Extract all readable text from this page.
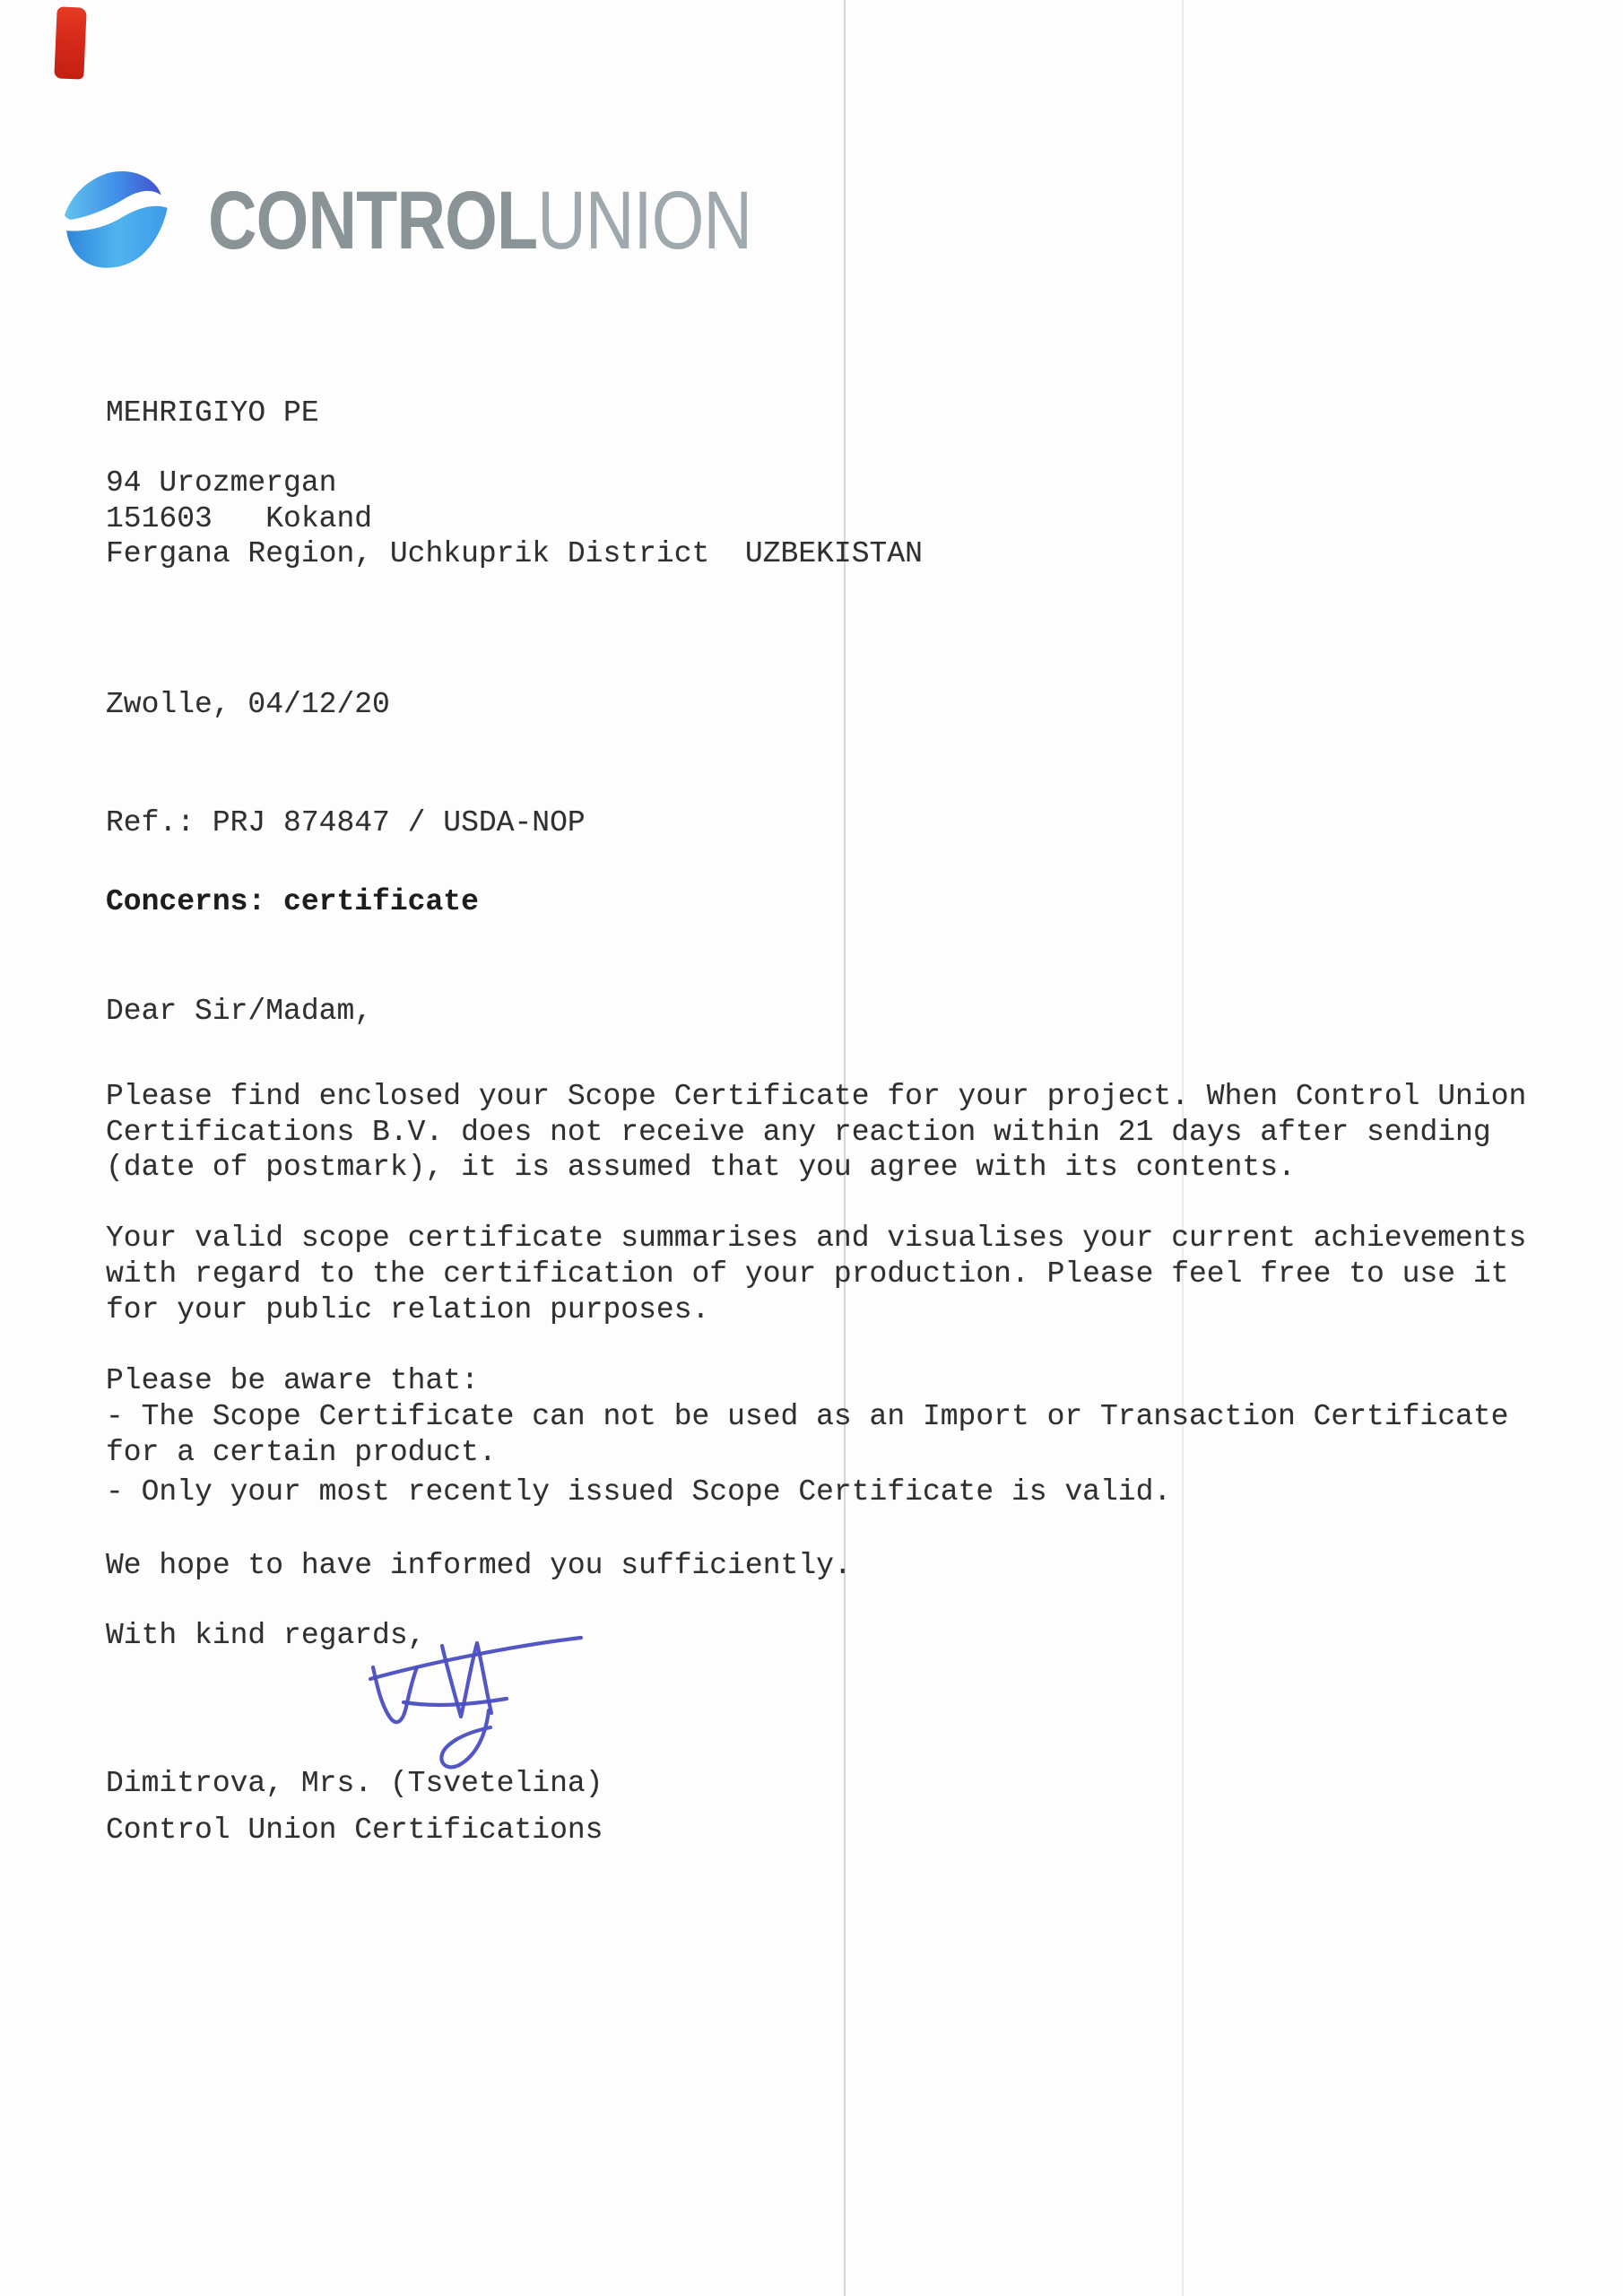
CONTROLUNION
MEHRIGIYO PE
94 Urozmergan
151603   Kokand
Fergana Region, Uchkuprik District  UZBEKISTAN
Zwolle, 04/12/20
Ref.: PRJ 874847 / USDA-NOP
Concerns: certificate
Dear Sir/Madam,
Please find enclosed your Scope Certificate for your project. When Control Union
Certifications B.V. does not receive any reaction within 21 days after sending
(date of postmark), it is assumed that you agree with its contents.
Your valid scope certificate summarises and visualises your current achievements
with regard to the certification of your production. Please feel free to use it
for your public relation purposes.
Please be aware that:
- The Scope Certificate can not be used as an Import or Transaction Certificate
for a certain product.
- Only your most recently issued Scope Certificate is valid.
We hope to have informed you sufficiently.
With kind regards,
Dimitrova, Mrs. (Tsvetelina)
Control Union Certifications
